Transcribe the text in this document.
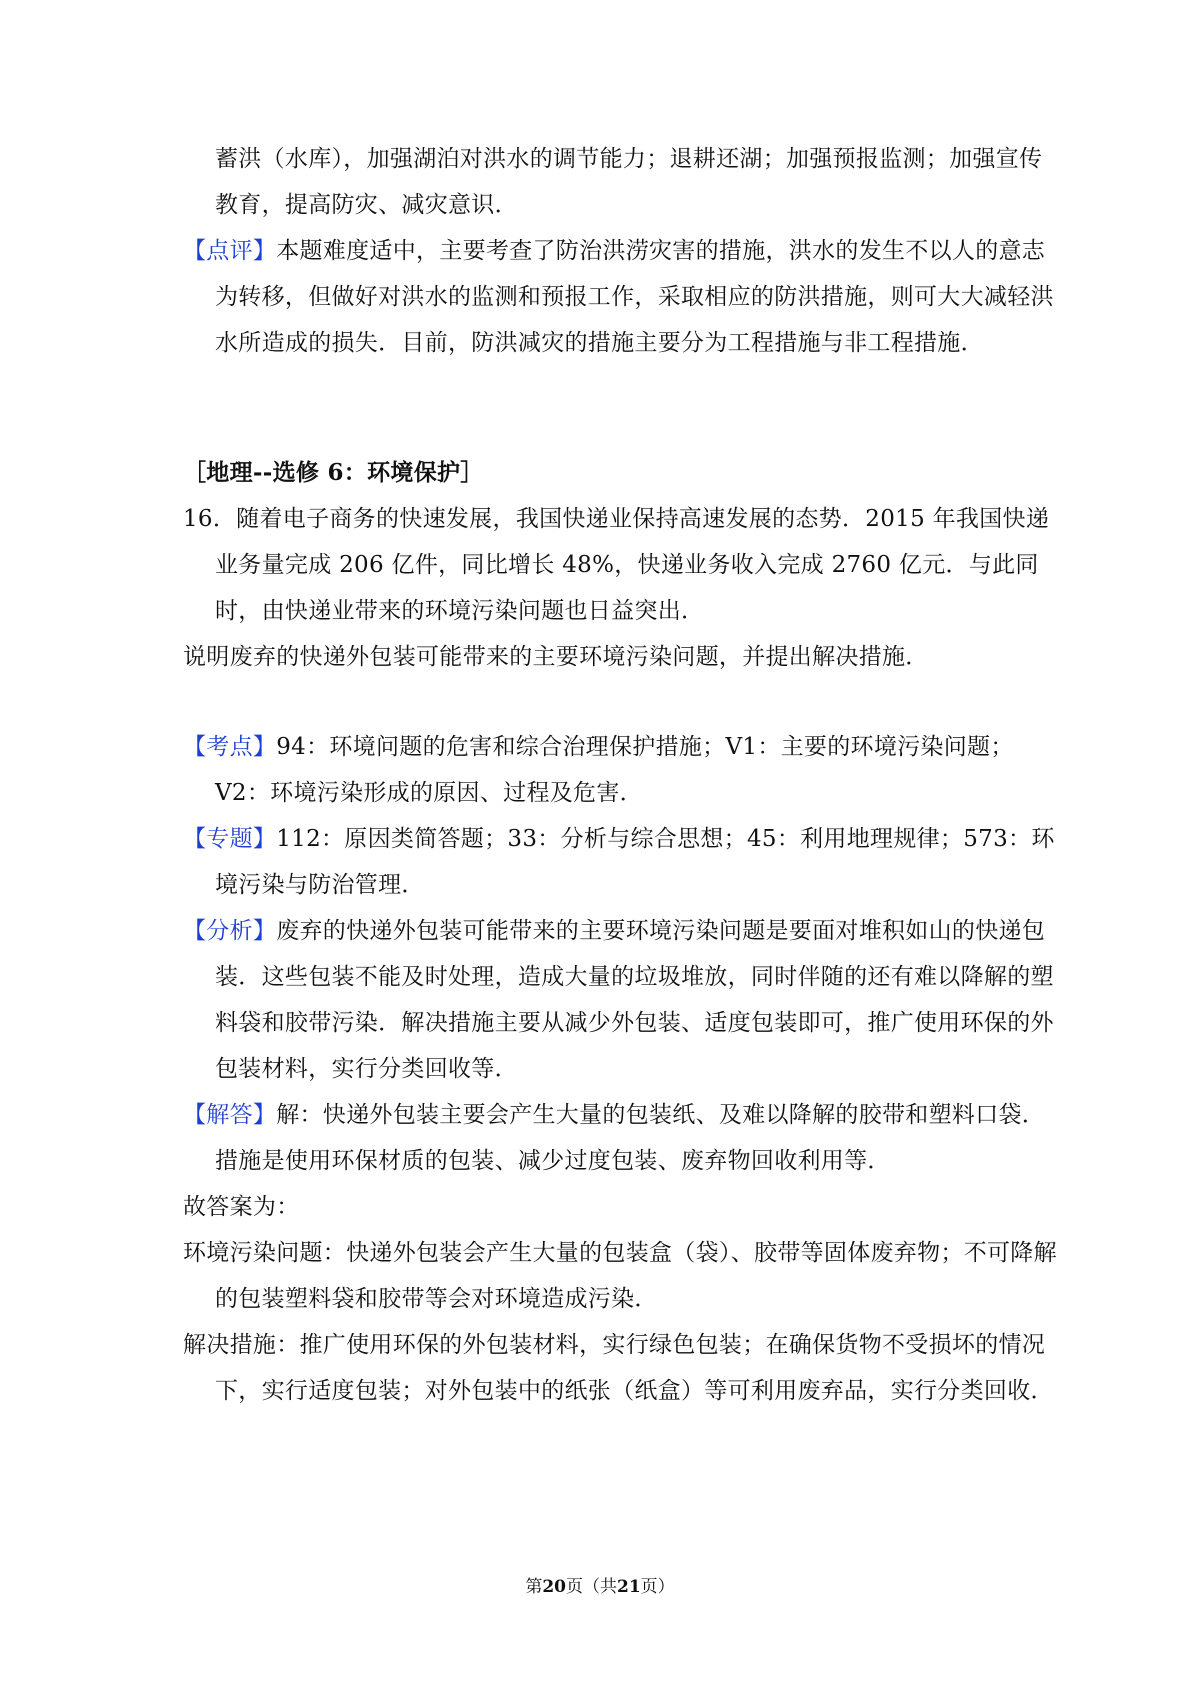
蓄洪（水库），加强湖泊对洪水的调节能力；退耕还湖；加强预报监测；加强宣传教育，提高防灾、减灾意识．
【点评】本题难度适中，主要考查了防治洪涝灾害的措施，洪水的发生不以人的意志为转移，但做好对洪水的监测和预报工作，采取相应的防洪措施，则可大大减轻洪水所造成的损失．目前，防洪减灾的措施主要分为工程措施与非工程措施．
［地理--选修 6：环境保护］
16．随着电子商务的快速发展，我国快递业保持高速发展的态势．2015 年我国快递业务量完成 206 亿件，同比增长 48%，快递业务收入完成 2760 亿元．与此同时，由快递业带来的环境污染问题也日益突出．
说明废弃的快递外包装可能带来的主要环境污染问题，并提出解决措施．
【考点】94：环境问题的危害和综合治理保护措施；V1：主要的环境污染问题；V2：环境污染形成的原因、过程及危害．
【专题】112：原因类简答题；33：分析与综合思想；45：利用地理规律；573：环境污染与防治管理．
【分析】废弃的快递外包装可能带来的主要环境污染问题是要面对堆积如山的快递包装．这些包装不能及时处理，造成大量的垃圾堆放，同时伴随的还有难以降解的塑料袋和胶带污染．解决措施主要从减少外包装、适度包装即可，推广使用环保的外包装材料，实行分类回收等．
【解答】解：快递外包装主要会产生大量的包装纸、及难以降解的胶带和塑料口袋．措施是使用环保材质的包装、减少过度包装、废弃物回收利用等．
故答案为：
环境污染问题：快递外包装会产生大量的包装盒（袋）、胶带等固体废弃物；不可降解的包装塑料袋和胶带等会对环境造成污染．
解决措施：推广使用环保的外包装材料，实行绿色包装；在确保货物不受损坏的情况下，实行适度包装；对外包装中的纸张（纸盒）等可利用废弃品，实行分类回收．
第20页（共21页）
